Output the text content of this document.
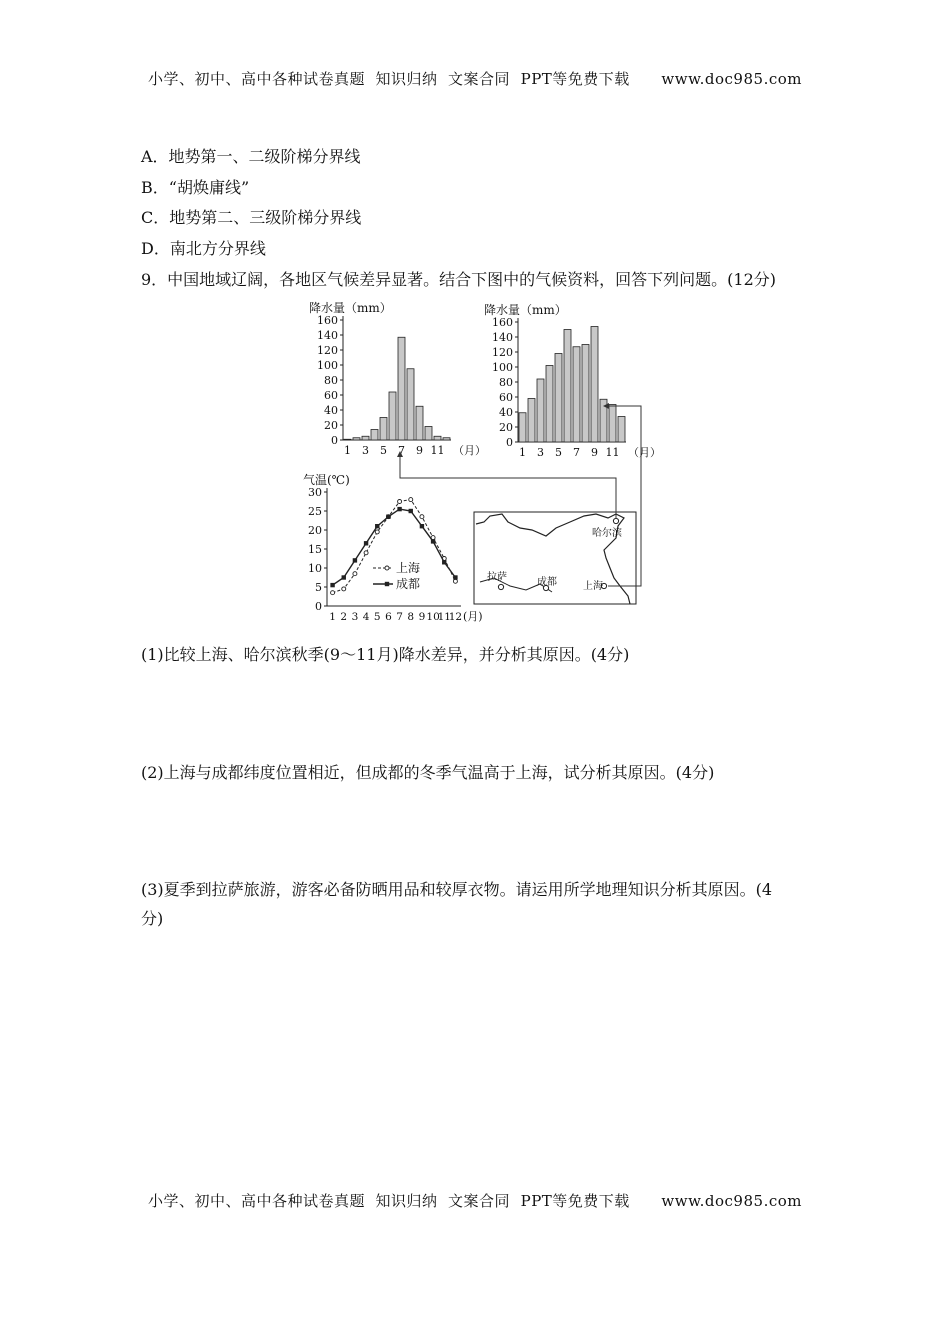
小学、初中、高中各种试卷真题  知识归纳  文案合同  PPT等免费下载      www.doc985.com
A．地势第一、二级阶梯分界线
B．“胡焕庸线”
C．地势第二、三级阶梯分界线
D．南北方分界线
9．中国地域辽阔，各地区气候差异显著。结合下图中的气候资料，回答下列问题。(12分)
降水量（mm）
0
20
40
60
80
100
120
140
160
1 3 5 7 9 11 （月）
降水量（mm）
0
20
40
60
80
100
120
140
160
1 3 5 7 9 11 （月）
气温(℃)
0
5
10
15
20
25
30
1 2 3 4 5 6 7 8 9 10
11
12 (月)
上海
成都
哈尔滨
拉萨	成都	上海
(1)比较上海、哈尔滨秋季(9～11月)降水差异，并分析其原因。(4分)
(2)上海与成都纬度位置相近，但成都的冬季气温高于上海，试分析其原因。(4分)
(3)夏季到拉萨旅游，游客必备防晒用品和较厚衣物。请运用所学地理知识分析其原因。(4
分)
小学、初中、高中各种试卷真题  知识归纳  文案合同  PPT等免费下载      www.doc985.com
